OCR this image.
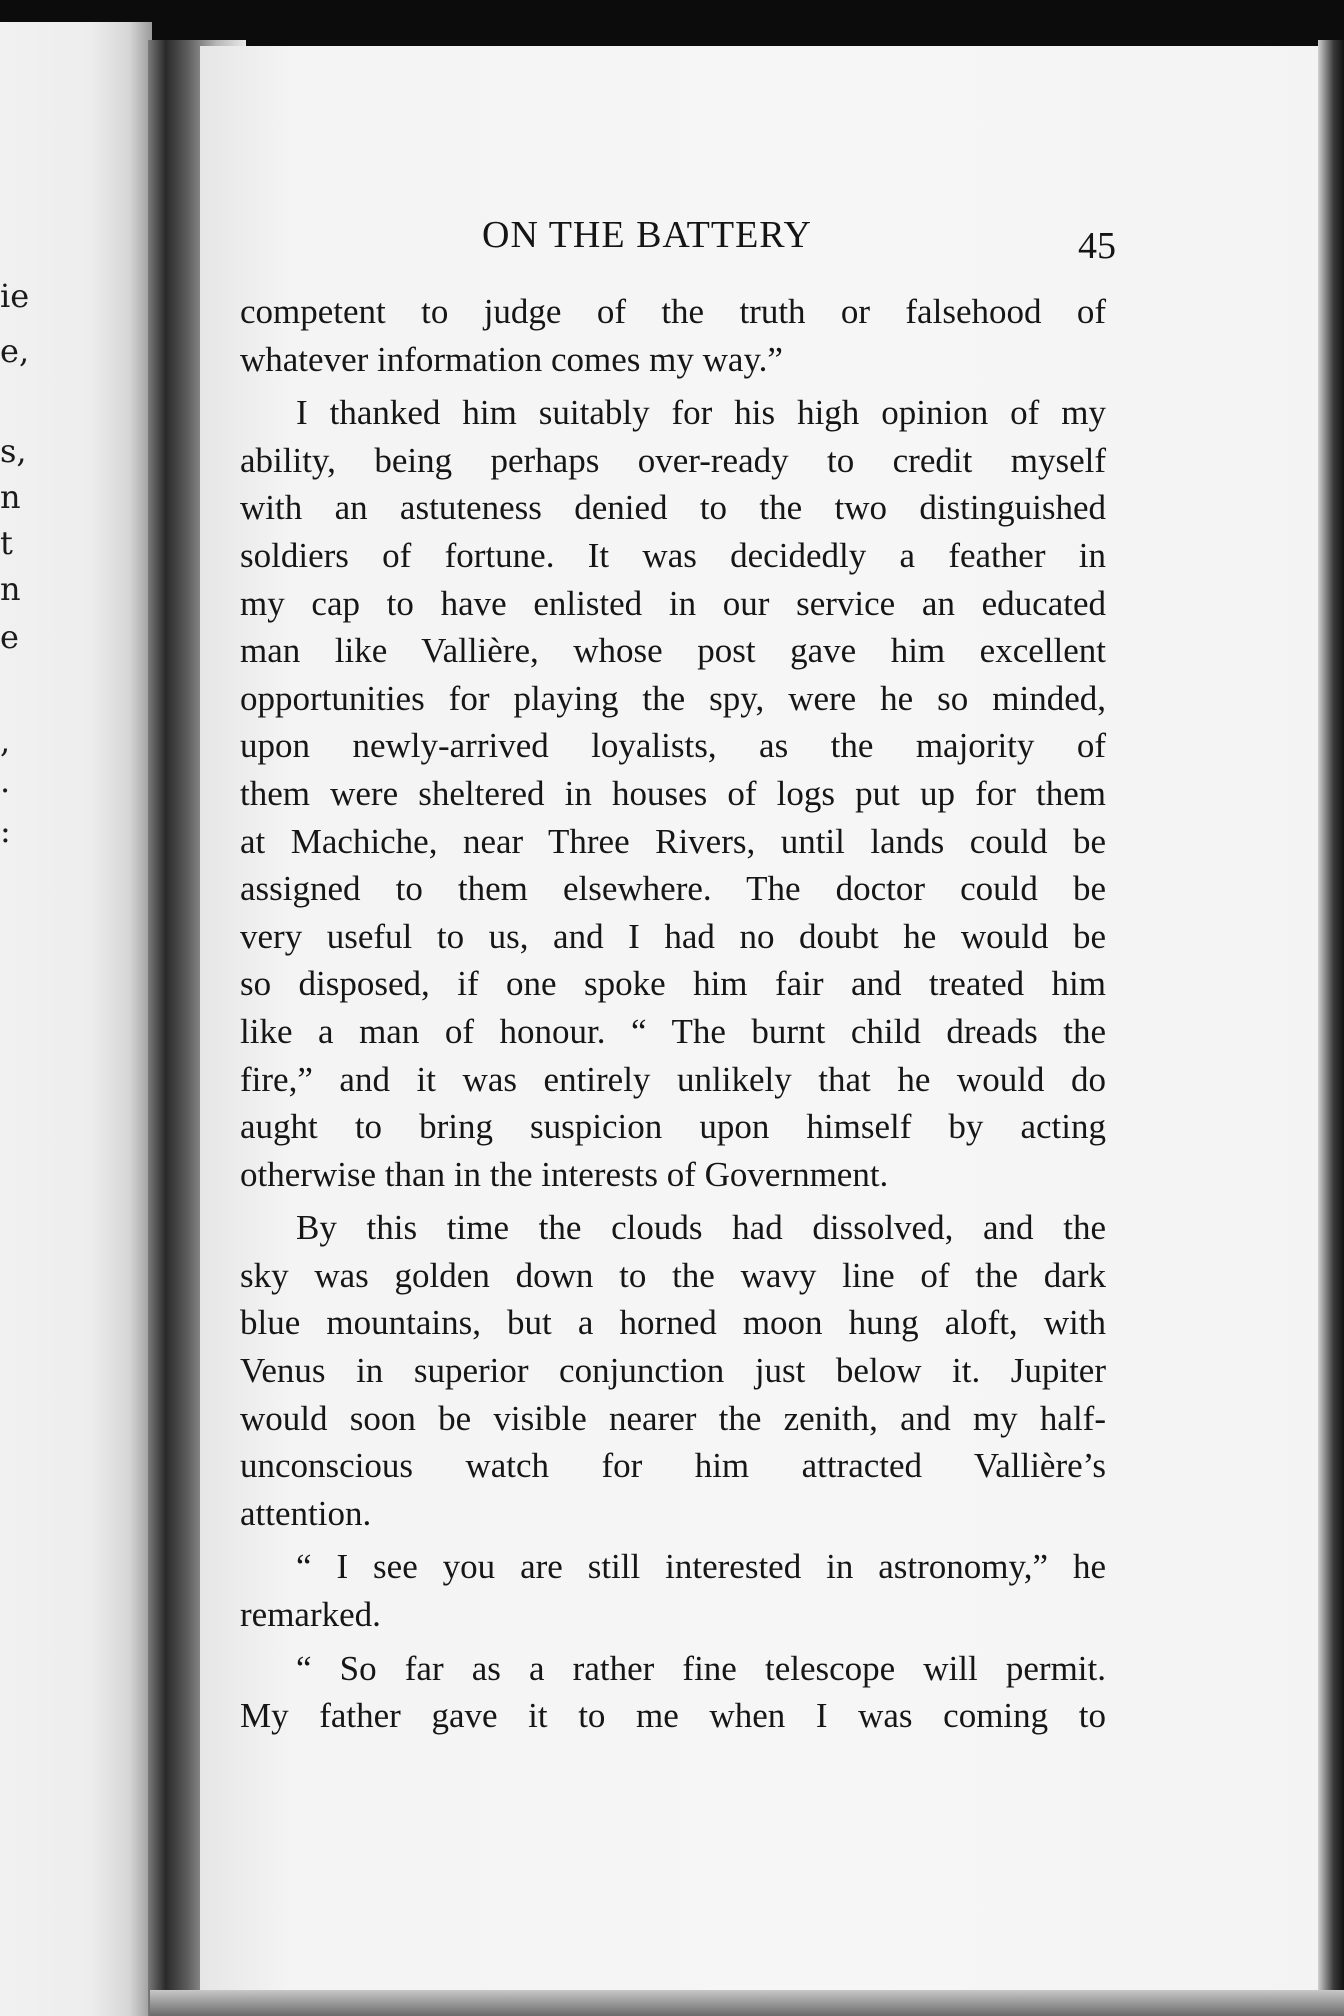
ie
e,
s,
n
t
n
e
,
.
:
ON THE BATTERY	45
competent to judge of the truth or falsehood of
whatever information comes my way.”
I thanked him suitably for his high opinion of my
ability, being perhaps over-ready to credit myself
with an astuteness denied to the two distinguished
soldiers of fortune. It was decidedly a feather in
my cap to have enlisted in our service an educated
man like Vallière, whose post gave him excellent
opportunities for playing the spy, were he so minded,
upon newly-arrived loyalists, as the majority of
them were sheltered in houses of logs put up for them
at Machiche, near Three Rivers, until lands could be
assigned to them elsewhere. The doctor could be
very useful to us, and I had no doubt he would be
so disposed, if one spoke him fair and treated him
like a man of honour. “ The burnt child dreads the
fire,” and it was entirely unlikely that he would do
aught to bring suspicion upon himself by acting
otherwise than in the interests of Government.
By this time the clouds had dissolved, and the
sky was golden down to the wavy line of the dark
blue mountains, but a horned moon hung aloft, with
Venus in superior conjunction just below it. Jupiter
would soon be visible nearer the zenith, and my half-
unconscious watch for him attracted Vallière’s
attention.
“ I see you are still interested in astronomy,” he
remarked.
“ So far as a rather fine telescope will permit.
My father gave it to me when I was coming to
